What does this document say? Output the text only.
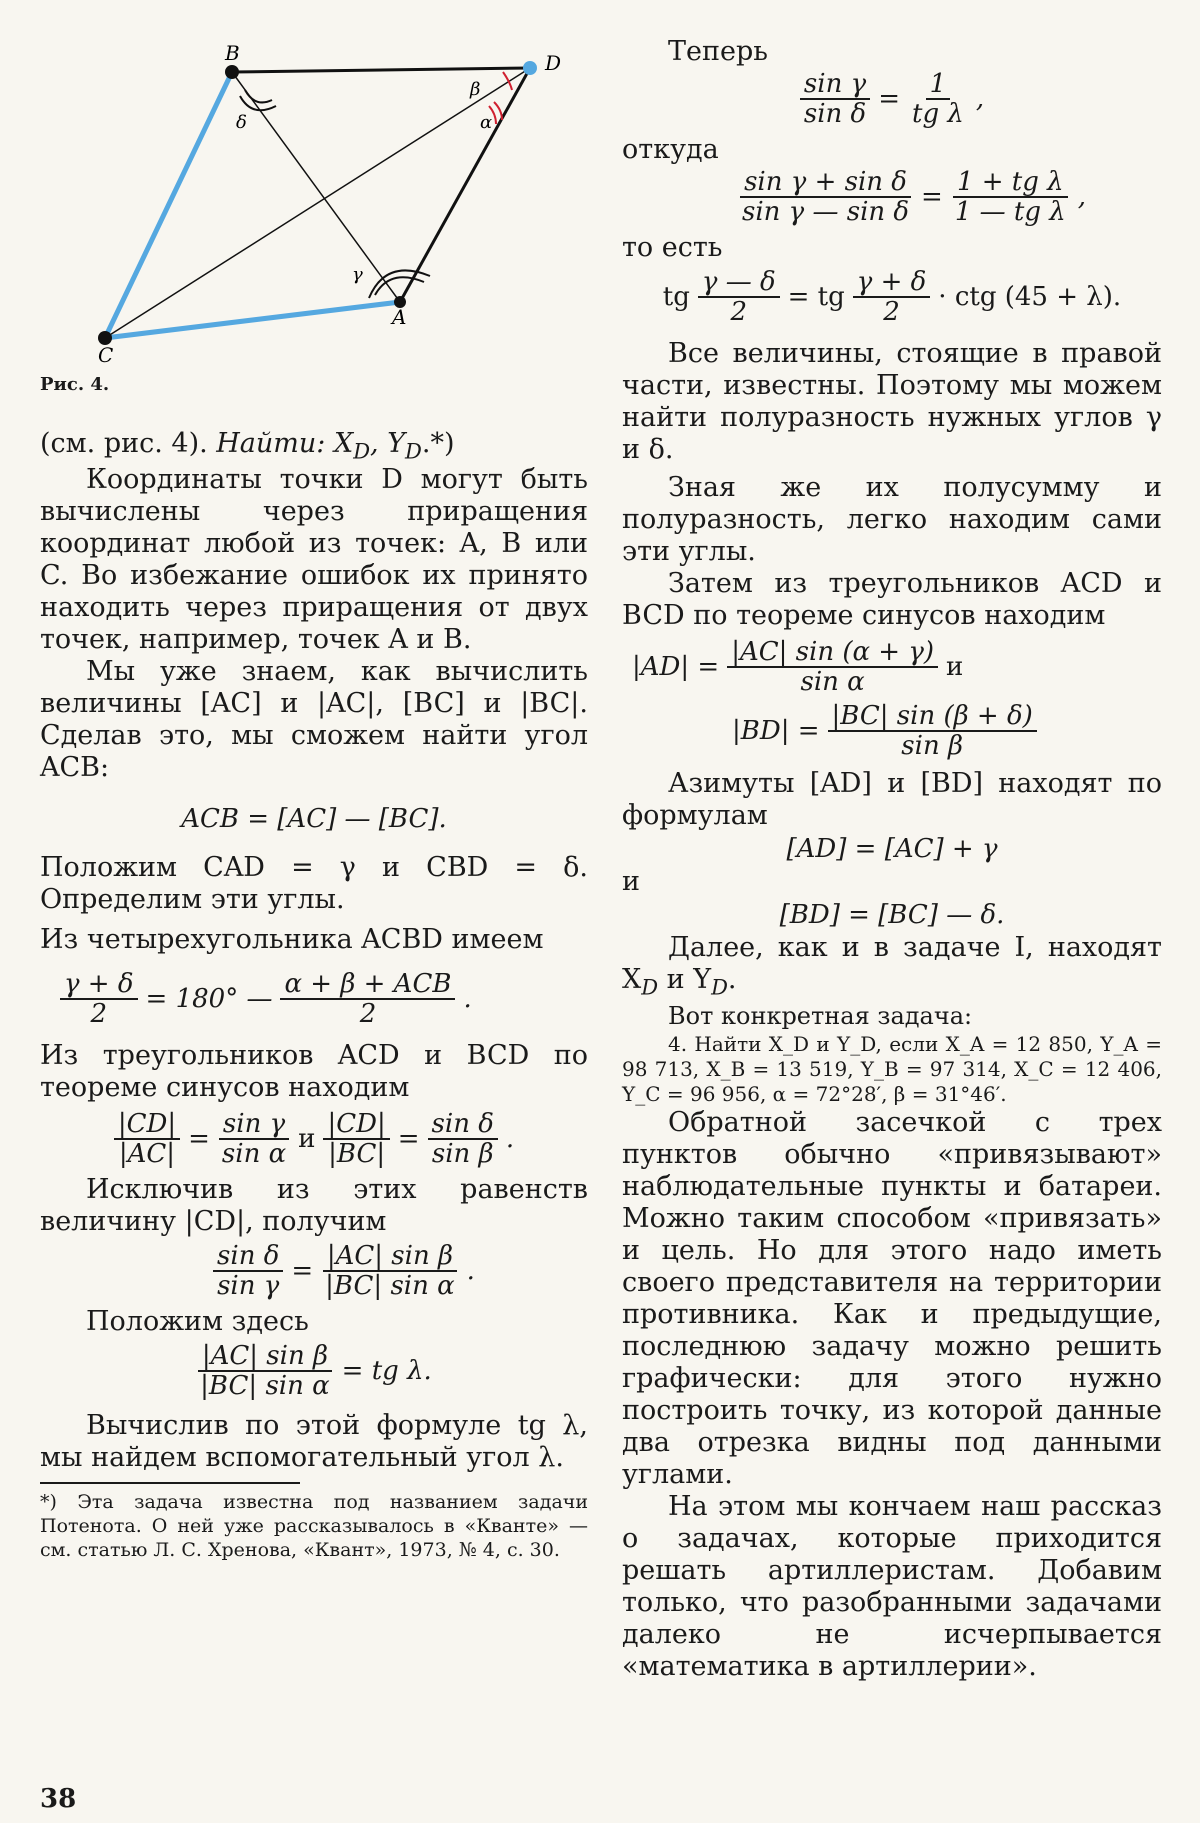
B	D
A
C
β
α
δ
γ
Рис. 4.

(см. рис. 4). Найти: $X_D$, $Y_D.*$)

Координаты точки D могут быть вычислены через приращения координат любой из точек: A, B или C. Во избежание ошибок их принято находить через приращения от двух точек, например, точек A и B.

Мы уже знаем, как вычислить величины [AC] и |AC|, [BC] и |BC|. Сделав это, мы сможем найти угол ACB:

ACB = [AC] — [BC].

Положим CAD = γ и CBD = δ. Определим эти углы.

Из четырехугольника ACBD имеем

$\frac{\gamma + \delta}{2} = 180^\circ$ — $\frac{\text{α + β + ACB}}{2}$ .

Из треугольников ACD и BCD по теореме синусов находим

$\frac{|CD|}{|AC|} = \frac{\text{sin γ}}{\text{sin α}}$ и $\frac{|CD|}{|BC|} = \frac{\text{sin δ}}{\text{sin β}}$ .

Исключив из этих равенств величину |CD|, получим

$\frac{\text{sin δ}}{\text{sin γ}} = \frac{\text{|AC| sin β}}{\text{|BC| sin α}}$ .

Положим здесь

$\frac{\text{|AC| sin β}}{\text{|BC| sin α}}$ = tg λ.

Вычислив по этой формуле tg λ, мы найдем вспомогательный угол λ.

*) Эта задача известна под названием задачи Потенота. О ней уже рассказывалось в «Кванте» — см. статью Л. С. Хренова, «Квант», 1973, № 4, с. 30.

38

Теперь

$\frac{\text{sin γ}}{\text{sin δ}} = \frac{1}{\text{tg λ}}$ ,

откуда

$\frac{\text{sin γ + sin δ}}{\text{sin γ — sin δ}} = \frac{\text{1 + tg λ}}{\text{1 — tg λ}}$ ,

то есть

tg $\frac{\gamma — \delta}{2}$ = tg $\frac{\gamma + \delta}{2}$ · ctg (45 + λ).

Все величины, стоящие в правой части, известны. Поэтому мы можем найти полуразность нужных углов γ и δ.

Зная же их полусумму и полуразность, легко находим сами эти углы.

Затем из треугольников ACD и BCD по теореме синусов находим

$|AD| = \frac{|AC| \sin (\alpha + \gamma)}{\text{sin α}}$ и
$|BD| = \frac{|BC| \sin (\beta + \delta)}{\text{sin β}}$

Азимуты [AD] и [BD] находят по формулам

[AD] = [AC] + γ

и

[BD] = [BC] — δ.

Далее, как и в задаче I, находят $X_D$ и $Y_D$.

Вот конкретная задача:

4. Найти X_D и Y_D, если X_A = 12 850, Y_A = 98 713, X_B = 13 519, Y_B = 97 314, X_C = 12 406, Y_C = 96 956, α = 72°28′, β = 31°46′.

Обратной засечкой с трех пунктов обычно «привязывают» наблюдательные пункты и батареи. Можно таким способом «привязать» и цель. Но для этого надо иметь своего представителя на территории противника. Как и предыдущие, последнюю задачу можно решить графически: для этого нужно построить точку, из которой данные два отрезка видны под данными углами.

На этом мы кончаем наш рассказ о задачах, которые приходится решать артиллеристам. Добавим только, что разобранными задачами далеко не исчерпывается «математика в артиллерии».
